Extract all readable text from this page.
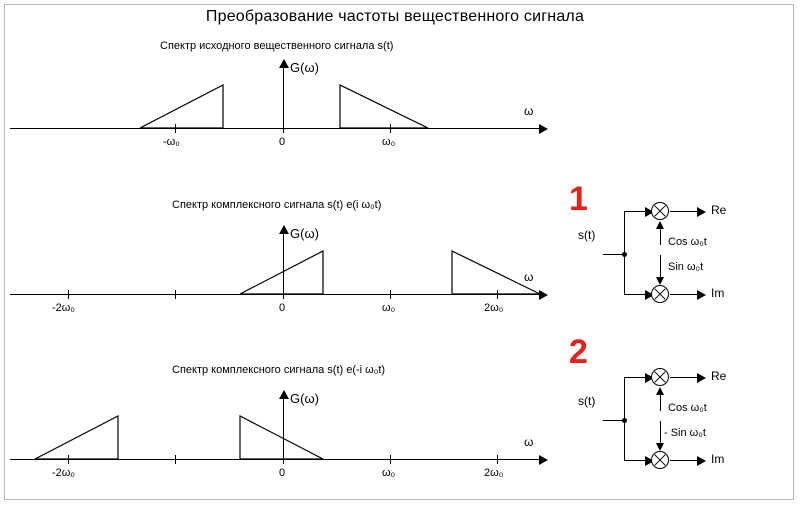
Преобразование частоты вещественного сигнала
Спектр исходного вещественного сигнала s(t)
G(ω)
ω
-ω₀	0	ω₀
Спектр комплексного сигнала s(t) e(i ω₀t)
G(ω)
ω
-2ω₀	0	ω₀	2ω₀
Спектр комплексного сигнала s(t) e(-i ω₀t)
G(ω)
ω
-2ω₀	0	ω₀	2ω₀
1
s(t)
Re
Im
Cos ω₀t
Sin ω₀t
2
s(t)
Re
Im
Cos ω₀t
- Sin ω₀t
